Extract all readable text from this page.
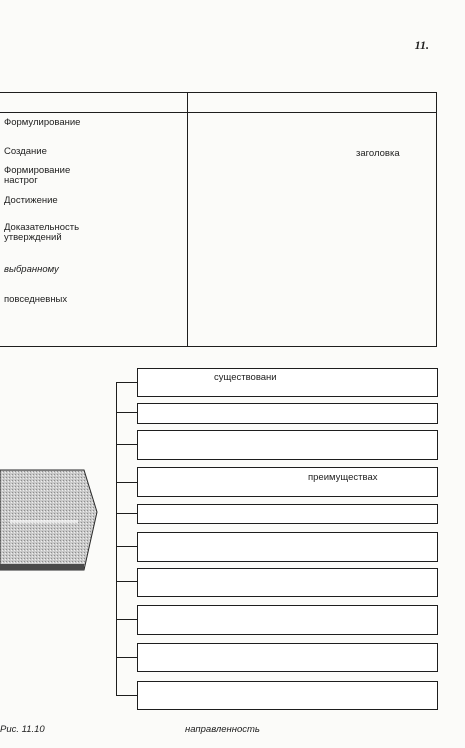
11.
Формулирование
Создание
Формирование
настрог
Достижение
Доказательность
утверждений
выбранному
повседневных
заголовка
существовани
преимуществах
Рис. 11.10	направленность
